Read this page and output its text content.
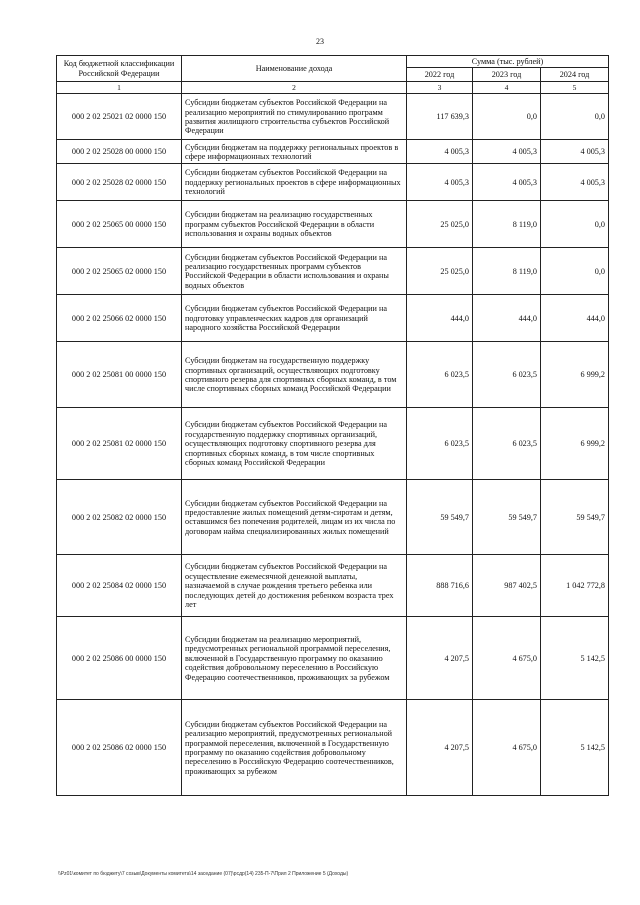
23
Код бюджетной классификации Российской Федерации	Наименование дохода	Сумма (тыс. рублей)		
		2022 год	2023 год	2024 год
1	2	3	4	5
000 2 02 25021 02 0000 150	Субсидии бюджетам субъектов Российской Федерации на реализацию мероприятий по стимулированию программ развития жилищного строительства субъектов Российской Федерации	117 639,3	0,0	0,0
000 2 02 25028 00 0000 150	Субсидии бюджетам на поддержку региональных проектов в сфере информационных технологий	4 005,3	4 005,3	4 005,3
000 2 02 25028 02 0000 150	Субсидии бюджетам субъектов Российской Федерации на поддержку региональных проектов в сфере информационных технологий	4 005,3	4 005,3	4 005,3
000 2 02 25065 00 0000 150	Субсидии бюджетам на реализацию государственных программ субъектов Российской Федерации в области использования и охраны водных объектов	25 025,0	8 119,0	0,0
000 2 02 25065 02 0000 150	Субсидии бюджетам субъектов Российской Федерации на реализацию государственных программ субъектов Российской Федерации в области использования и охраны водных объектов	25 025,0	8 119,0	0,0
000 2 02 25066 02 0000 150	Субсидии бюджетам субъектов Российской Федерации на подготовку управленческих кадров для организаций народного хозяйства Российской Федерации	444,0	444,0	444,0
000 2 02 25081 00 0000 150	Субсидии бюджетам на государственную поддержку спортивных организаций, осуществляющих подготовку спортивного резерва для спортивных сборных команд, в том числе спортивных сборных команд Российской Федерации	6 023,5	6 023,5	6 999,2
000 2 02 25081 02 0000 150	Субсидии бюджетам субъектов Российской Федерации на государственную поддержку спортивных организаций, осуществляющих подготовку спортивного резерва для спортивных сборных команд, в том числе спортивных сборных команд Российской Федерации	6 023,5	6 023,5	6 999,2
000 2 02 25082 02 0000 150	Субсидии бюджетам субъектов Российской Федерации на предоставление жилых помещений детям-сиротам и детям, оставшимся без попечения родителей, лицам из их числа по договорам найма специализированных жилых помещений	59 549,7	59 549,7	59 549,7
000 2 02 25084 02 0000 150	Субсидии бюджетам субъектов Российской Федерации на осуществление ежемесячной денежной выплаты, назначаемой в случае рождения третьего ребенка или последующих детей до достижения ребенком возраста трех лет	888 716,6	987 402,5	1 042 772,8
000 2 02 25086 00 0000 150	Субсидии бюджетам на реализацию мероприятий, предусмотренных региональной программой переселения, включенной в Государственную программу по оказанию содействия добровольному переселению в Российскую Федерацию соотечественников, проживающих за рубежом	4 207,5	4 675,0	5 142,5
000 2 02 25086 02 0000 150	Субсидии бюджетам субъектов Российской Федерации на реализацию мероприятий, предусмотренных региональной программой переселения, включенной в Государственную программу по оказанию содействия добровольному переселению в Российскую Федерацию соотечественников, проживающих за рубежом	4 207,5	4 675,0	5 142,5
\\Pz01\комитет по бюджету\7 созыв\Документы комитета\14 заседание (07)\рсдр(14) 235-П-7\Прил 2 Приложение 5 (Доходы)
